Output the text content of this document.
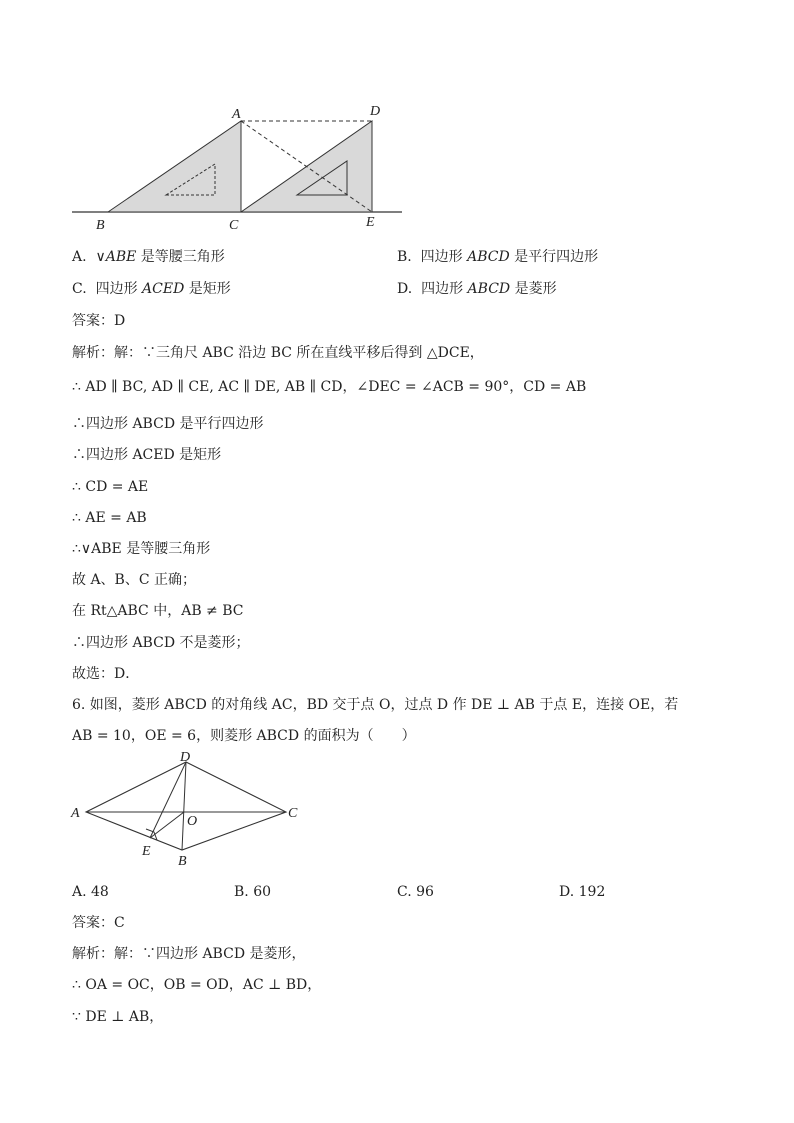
A
B	C
D
E
A. ∨ABE 是等腰三角形	B. 四边形 ABCD 是平行四边形
C. 四边形 ACED 是矩形	D. 四边形 ABCD 是菱形
答案：D
解析：解：∵三角尺 ABC 沿边 BC 所在直线平移后得到 △DCE，
∴ AD ∥ BC, AD ∥ CE, AC ∥ DE, AB ∥ CD，∠DEC = ∠ACB = 90°，CD = AB
∴四边形 ABCD 是平行四边形
∴四边形 ACED 是矩形
∴ CD = AE
∴ AE = AB
∴∨ABE 是等腰三角形
故 A、B、C 正确；
在 Rt△ABC 中，AB ≠ BC
∴四边形 ABCD 不是菱形；
故选：D．
6. 如图，菱形 ABCD 的对角线 AC，BD 交于点 O，过点 D 作 DE ⊥ AB 于点 E，连接 OE，若
AB = 10，OE = 6，则菱形 ABCD 的面积为（　　）
A
D
C
O
E
B
A. 48	B. 60	C. 96	D. 192
答案：C
解析：解：∵四边形 ABCD 是菱形，
∴ OA = OC，OB = OD，AC ⊥ BD，
∵ DE ⊥ AB，
